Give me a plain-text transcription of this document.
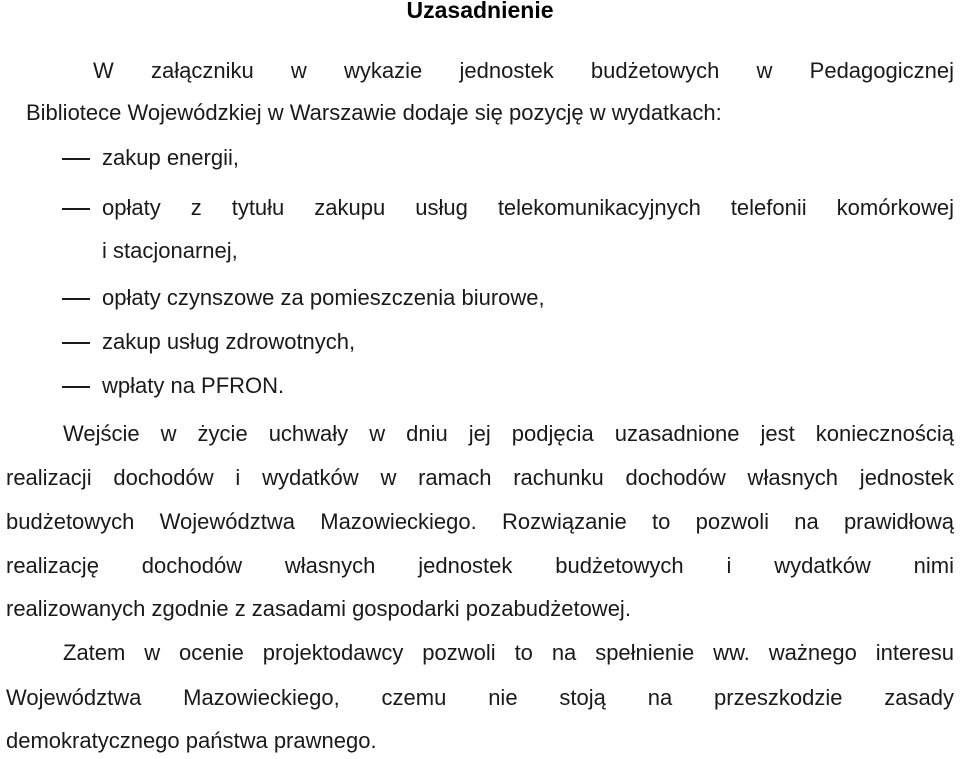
Uzasadnienie
W załączniku w wykazie jednostek budżetowych w Pedagogicznej
Bibliotece Wojewódzkiej w Warszawie dodaje się pozycję w wydatkach:
zakup energii,
opłaty z tytułu zakupu usług telekomunikacyjnych telefonii komórkowej
i stacjonarnej,
opłaty czynszowe za pomieszczenia biurowe,
zakup usług zdrowotnych,
wpłaty na PFRON.
Wejście w życie uchwały w dniu jej podjęcia uzasadnione jest koniecznością
realizacji dochodów i wydatków w ramach rachunku dochodów własnych jednostek
budżetowych Województwa Mazowieckiego. Rozwiązanie to pozwoli na prawidłową
realizację dochodów własnych jednostek budżetowych i wydatków nimi
realizowanych zgodnie z zasadami gospodarki pozabudżetowej.
Zatem w ocenie projektodawcy pozwoli to na spełnienie ww. ważnego interesu
Województwa Mazowieckiego, czemu nie stoją na przeszkodzie zasady
demokratycznego państwa prawnego.
